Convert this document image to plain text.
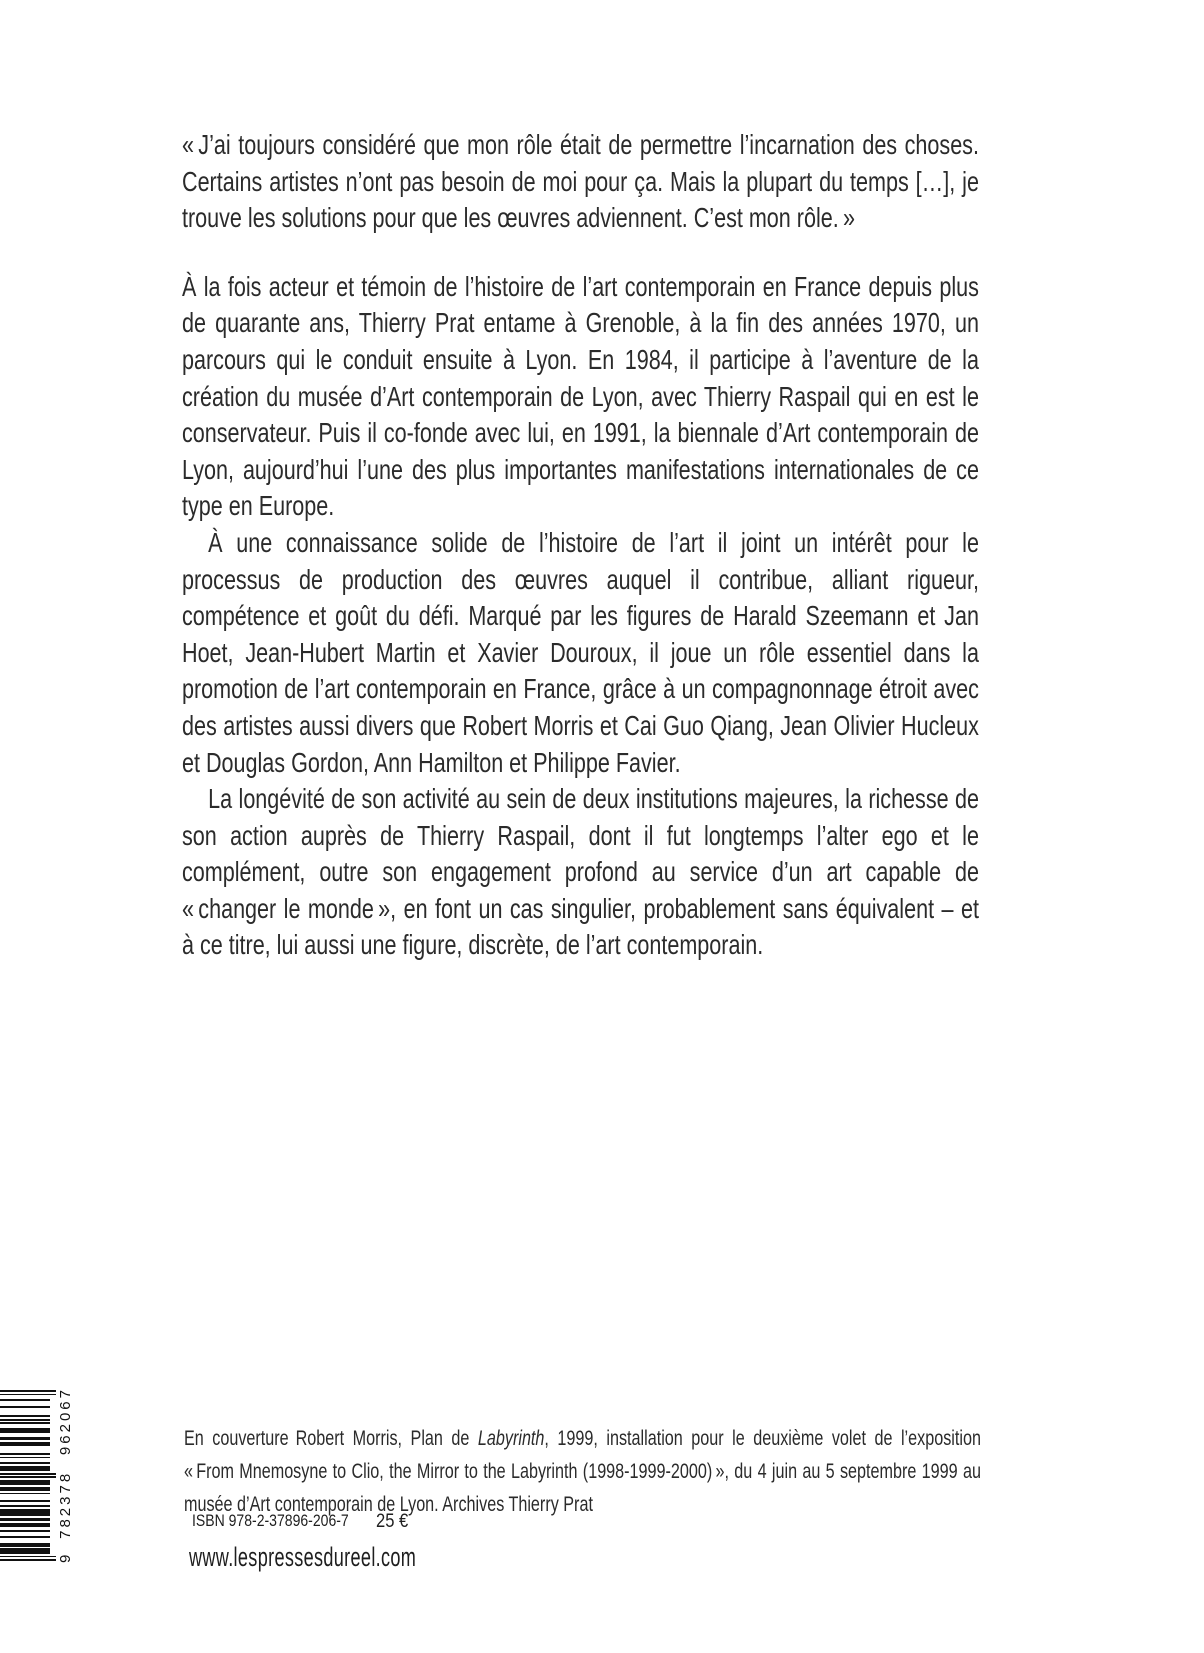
« J’ai toujours considéré que mon rôle était de permettre l’incarnation des choses. Certains artistes n’ont pas besoin de moi pour ça. Mais la plupart du temps […], je trouve les solutions pour que les œuvres adviennent. C’est mon rôle. »

À la fois acteur et témoin de l’histoire de l’art contemporain en France depuis plus de quarante ans, Thierry Prat entame à Grenoble, à la fin des années 1970, un parcours qui le conduit ensuite à Lyon. En 1984, il participe à l’aventure de la création du musée d’Art contemporain de Lyon, avec Thierry Raspail qui en est le conservateur. Puis il co-fonde avec lui, en 1991, la biennale d’Art contemporain de Lyon, aujourd’hui l’une des plus importantes manifestations internationales de ce type en Europe.

À une connaissance solide de l’histoire de l’art il joint un intérêt pour le processus de production des œuvres auquel il contribue, alliant rigueur, compétence et goût du défi. Marqué par les figures de Harald Szeemann et Jan Hoet, Jean-Hubert Martin et Xavier Douroux, il joue un rôle essentiel dans la promotion de l’art contemporain en France, grâce à un compagnonnage étroit avec des artistes aussi divers que Robert Morris et Cai Guo Qiang, Jean Olivier Hucleux et Douglas Gordon, Ann Hamilton et Philippe Favier.

La longévité de son activité au sein de deux institutions majeures, la richesse de son action auprès de Thierry Raspail, dont il fut longtemps l’alter ego et le complément, outre son engagement profond au service d’un art capable de « changer le monde », en font un cas singulier, probablement sans équivalent – et à ce titre, lui aussi une figure, discrète, de l’art contemporain.

En couverture Robert Morris, Plan de Labyrinth, 1999, installation pour le deuxième volet de l’exposition « From Mnemosyne to Clio, the Mirror to the Labyrinth (1998-1999-2000) », du 4 juin au 5 septembre 1999 au musée d’Art contemporain de Lyon. Archives Thierry Prat

ISBN 978-2-37896-206-7 25 €
www.lespressesdureel.com
9
782378
962067
